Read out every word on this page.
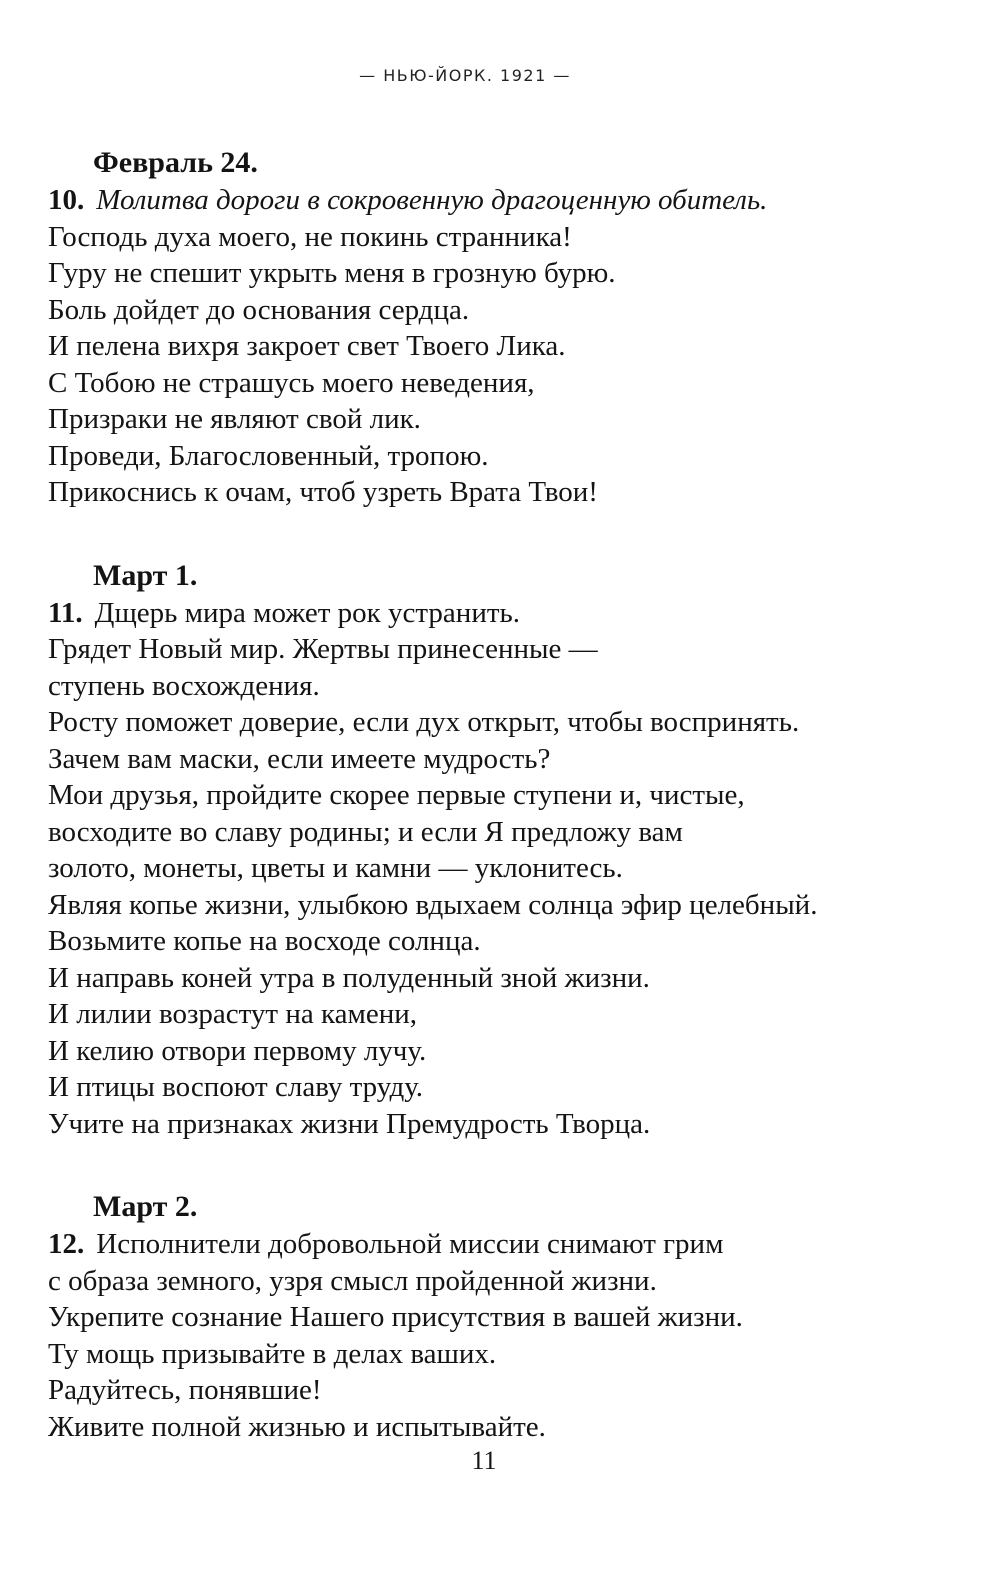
— НЬЮ-ЙОРК. 1921 —
Февраль 24.
10. Молитва дороги в сокровенную драгоценную обитель.
Господь духа моего, не покинь странника!
Гуру не спешит укрыть меня в грозную бурю.
Боль дойдет до основания сердца.
И пелена вихря закроет свет Твоего Лика.
С Тобою не страшусь моего неведения,
Призраки не являют свой лик.
Проведи, Благословенный, тропою.
Прикоснись к очам, чтоб узреть Врата Твои!
Март 1.
11. Дщерь мира может рок устранить.
Грядет Новый мир. Жертвы принесенные —
ступень восхождения.
Росту поможет доверие, если дух открыт, чтобы воспринять.
Зачем вам маски, если имеете мудрость?
Мои друзья, пройдите скорее первые ступени и, чистые,
восходите во славу родины; и если Я предложу вам
золото, монеты, цветы и камни — уклонитесь.
Являя копье жизни, улыбкою вдыхаем солнца эфир целебный.
Возьмите копье на восходе солнца.
И направь коней утра в полуденный зной жизни.
И лилии возрастут на камени,
И келию отвори первому лучу.
И птицы воспоют славу труду.
Учите на признаках жизни Премудрость Творца.
Март 2.
12. Исполнители добровольной миссии снимают грим
с образа земного, узря смысл пройденной жизни.
Укрепите сознание Нашего присутствия в вашей жизни.
Ту мощь призывайте в делах ваших.
Радуйтесь, понявшие!
Живите полной жизнью и испытывайте.
11
